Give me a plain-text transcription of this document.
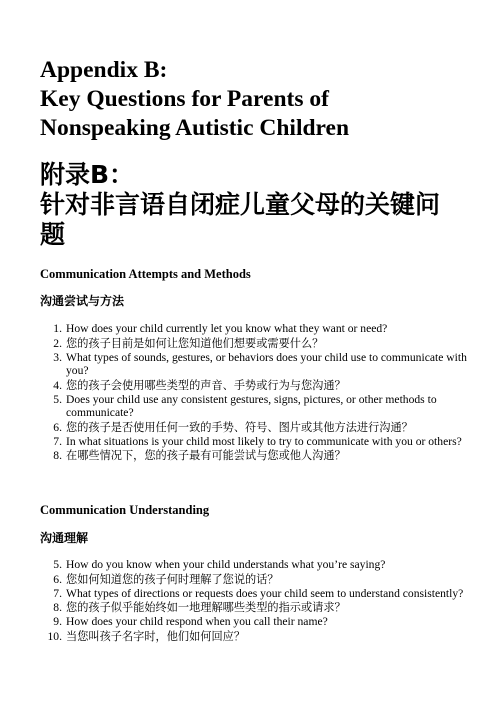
Appendix B:
Key Questions for Parents of
Nonspeaking Autistic Children
附录B：
针对非言语自闭症儿童父母的关键问
题
Communication Attempts and Methods
沟通尝试与方法
1. How does your child currently let you know what they want or need?
2. 您的孩子目前是如何让您知道他们想要或需要什么？
3. What types of sounds, gestures, or behaviors does your child use to communicate with you?
4. 您的孩子会使用哪些类型的声音、手势或行为与您沟通？
5. Does your child use any consistent gestures, signs, pictures, or other methods to communicate?
6. 您的孩子是否使用任何一致的手势、符号、图片或其他方法进行沟通？
7. In what situations is your child most likely to try to communicate with you or others?
8. 在哪些情况下，您的孩子最有可能尝试与您或他人沟通？
Communication Understanding
沟通理解
5. How do you know when your child understands what you’re saying?
6. 您如何知道您的孩子何时理解了您说的话？
7. What types of directions or requests does your child seem to understand consistently?
8. 您的孩子似乎能始终如一地理解哪些类型的指示或请求？
9. How does your child respond when you call their name?
10. 当您叫孩子名字时，他们如何回应？
